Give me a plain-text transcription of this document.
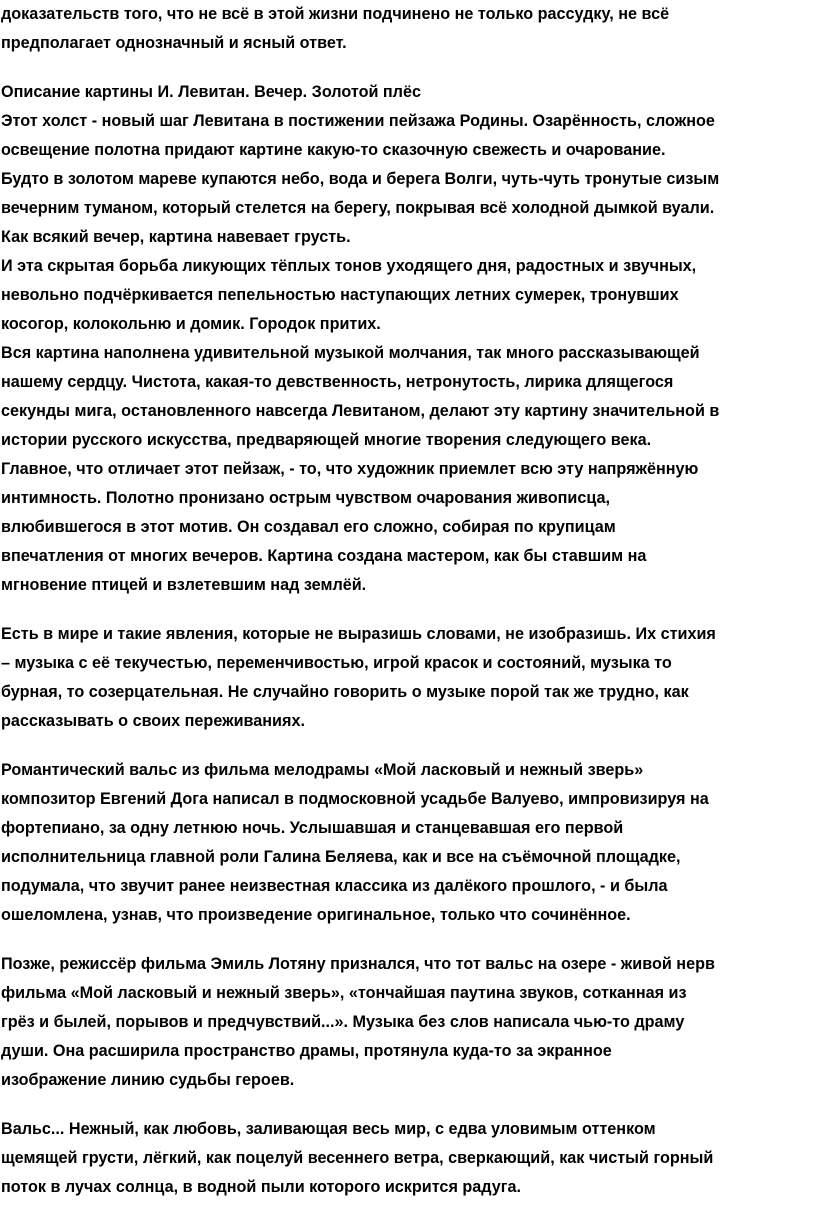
доказательств того, что не всё в этой жизни подчинено не только рассудку, не всё
предполагает однозначный и ясный ответ.
Описание картины И. Левитан. Вечер. Золотой плёс
Этот холст - новый шаг Левитана в постижении пейзажа Родины. Озарённость, сложное
освещение полотна придают картине какую-то сказочную свежесть и очарование.
Будто в золотом мареве купаются небо, вода и берега Волги, чуть-чуть тронутые сизым
вечерним туманом, который стелется на берегу, покрывая всё холодной дымкой вуали.
Как всякий вечер, картина навевает грусть.
И эта скрытая борьба ликующих тёплых тонов уходящего дня, радостных и звучных,
невольно подчёркивается пепельностью наступающих летних сумерек, тронувших
косогор, колокольню и домик. Городок притих.
Вся картина наполнена удивительной музыкой молчания, так много рассказывающей
нашему сердцу. Чистота, какая-то девственность, нетронутость, лирика длящегося
секунды мига, остановленного навсегда Левитаном, делают эту картину значительной в
истории русского искусства, предваряющей многие творения следующего века.
Главное, что отличает этот пейзаж, - то, что художник приемлет всю эту напряжённую
интимность. Полотно пронизано острым чувством очарования живописца,
влюбившегося в этот мотив. Он создавал его сложно, собирая по крупицам
впечатления от многих вечеров. Картина создана мастером, как бы ставшим на
мгновение птицей и взлетевшим над землёй.
Есть в мире и такие явления, которые не выразишь словами, не изобразишь. Их стихия
– музыка с её текучестью, переменчивостью, игрой красок и состояний, музыка то
бурная, то созерцательная. Не случайно говорить о музыке порой так же трудно, как
рассказывать о своих переживаниях.
Романтический вальс из фильма мелодрамы «Мой ласковый и нежный зверь»
композитор Евгений Дога написал в подмосковной усадьбе Валуево, импровизируя на
фортепиано, за одну летнюю ночь. Услышавшая и станцевавшая его первой
исполнительница главной роли Галина Беляева, как и все на съёмочной площадке,
подумала, что звучит ранее неизвестная классика из далёкого прошлого, - и была
ошеломлена, узнав, что произведение оригинальное, только что сочинённое.
Позже, режиссёр фильма Эмиль Лотяну признался, что тот вальс на озере - живой нерв
фильма «Мой ласковый и нежный зверь», «тончайшая паутина звуков, сотканная из
грёз и былей, порывов и предчувствий...». Музыка без слов написала чью-то драму
души. Она расширила пространство драмы, протянула куда-то за экранное
изображение линию судьбы героев.
Вальс... Нежный, как любовь, заливающая весь мир, с едва уловимым оттенком
щемящей грусти, лёгкий, как поцелуй весеннего ветра, сверкающий, как чистый горный
поток в лучах солнца, в водной пыли которого искрится радуга.
